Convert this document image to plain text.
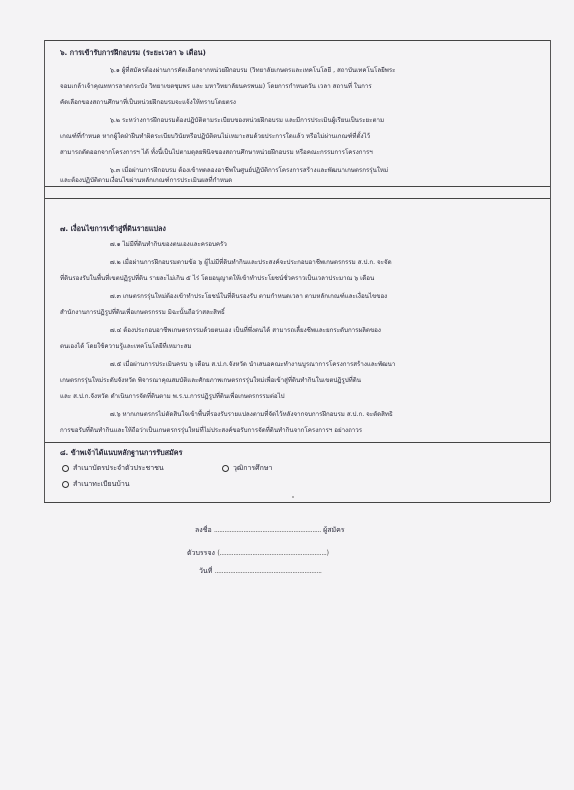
๖. การเข้ารับการฝึกอบรม (ระยะเวลา ๖ เดือน)
๖.๑ ผู้ที่สมัครต้องผ่านการคัดเลือกจากหน่วยฝึกอบรม (วิทยาลัยเกษตรและเทคโนโลยี , สถาบันเทคโนโลยีพระ
จอมเกล้าเจ้าคุณทหารลาดกระบัง วิทยาเขตชุมพร และ มหาวิทยาลัยนครพนม) โดยการกำหนดวัน เวลา สถานที่ ในการ
คัดเลือกของสถานศึกษาที่เป็นหน่วยฝึกอบรมจะแจ้งให้ทราบโดยตรง
๖.๒ ระหว่างการฝึกอบรมต้องปฏิบัติตามระเบียบของหน่วยฝึกอบรม และมีการประเมินผู้เรียนเป็นระยะตาม
เกณฑ์ที่กำหนด หากผู้ใดฝ่าฝืนทำผิดระเบียบวินัยหรือปฏิบัติตนไม่เหมาะสมด้วยประการใดแล้ว หรือไม่ผ่านเกณฑ์ที่ตั้งไว้
สามารถตัดออกจากโครงการฯ ได้ ทั้งนี้เป็นไปตามดุลยพินิจของสถานศึกษาหน่วยฝึกอบรม หรือคณะกรรมการโครงการฯ
๖.๓ เมื่อผ่านการฝึกอบรม ต้องเข้าทดลองอาชีพในศูนย์ปฏิบัติการโครงการสร้างและพัฒนาเกษตรกรรุ่นใหม่
และต้องปฏิบัติตามเงื่อนไขผ่านหลักเกณฑ์การประเมินผลที่กำหนด
๗. เงื่อนไขการเข้าสู่ที่ดินรายแปลง
๗.๑ ไม่มีที่ดินทำกินของตนเองและครอบครัว
๗.๒ เมื่อผ่านการฝึกอบรมตามข้อ ๖ ผู้ไม่มีที่ดินทำกินและประสงค์จะประกอบอาชีพเกษตรกรรม ส.ป.ก. จะจัด
ที่ดินรองรับในพื้นที่เขตปฏิรูปที่ดิน รายละไม่เกิน ๕ ไร่ โดยอนุญาตให้เข้าทำประโยชน์ชั่วคราวเป็นเวลาประมาณ ๖ เดือน
๗.๓ เกษตรกรรุ่นใหม่ต้องเข้าทำประโยชน์ในที่ดินรองรับ ตามกำหนดเวลา ตามหลักเกณฑ์และเงื่อนไขของ
สำนักงานการปฏิรูปที่ดินเพื่อเกษตรกรรม มิฉะนั้นถือว่าสละสิทธิ์
๗.๔ ต้องประกอบอาชีพเกษตรกรรมด้วยตนเอง เป็นที่พึ่งตนได้ สามารถเลี้ยงชีพและยกระดับการผลิตของ
ตนเองได้ โดยใช้ความรู้และเทคโนโลยีที่เหมาะสม
๗.๕ เมื่อผ่านการประเมินครบ ๖ เดือน ส.ป.ก.จังหวัด นำเสนอคณะทำงานบูรณาการโครงการสร้างและพัฒนา
เกษตรกรรุ่นใหม่ระดับจังหวัด พิจารณาคุณสมบัติและศักยภาพเกษตรกรรุ่นใหม่เพื่อเข้าสู่ที่ดินทำกินในเขตปฏิรูปที่ดิน
และ ส.ป.ก.จังหวัด ดำเนินการจัดที่ดินตาม พ.ร.บ.การปฏิรูปที่ดินเพื่อเกษตรกรรมต่อไป
๗.๖ หากเกษตรกรไม่ตัดสินใจเข้าพื้นที่รองรับรายแปลงตามที่จัดไว้หลังจากจบการฝึกอบรม ส.ป.ก. จะตัดสิทธิ
การขอรับที่ดินทำกินและให้ถือว่าเป็นเกษตรกรรุ่นใหม่ที่ไม่ประสงค์ขอรับการจัดที่ดินทำกินจากโครงการฯ อย่างถาวร
๘. ข้าพเจ้าได้แนบหลักฐานการรับสมัคร
สำเนาบัตรประจำตัวประชาชน	วุฒิการศึกษา
สำเนาทะเบียนบ้าน
ลงชื่อ .............................................................. ผู้สมัคร
ตัวบรรจง (..............................................................)
วันที่ ..............................................................
